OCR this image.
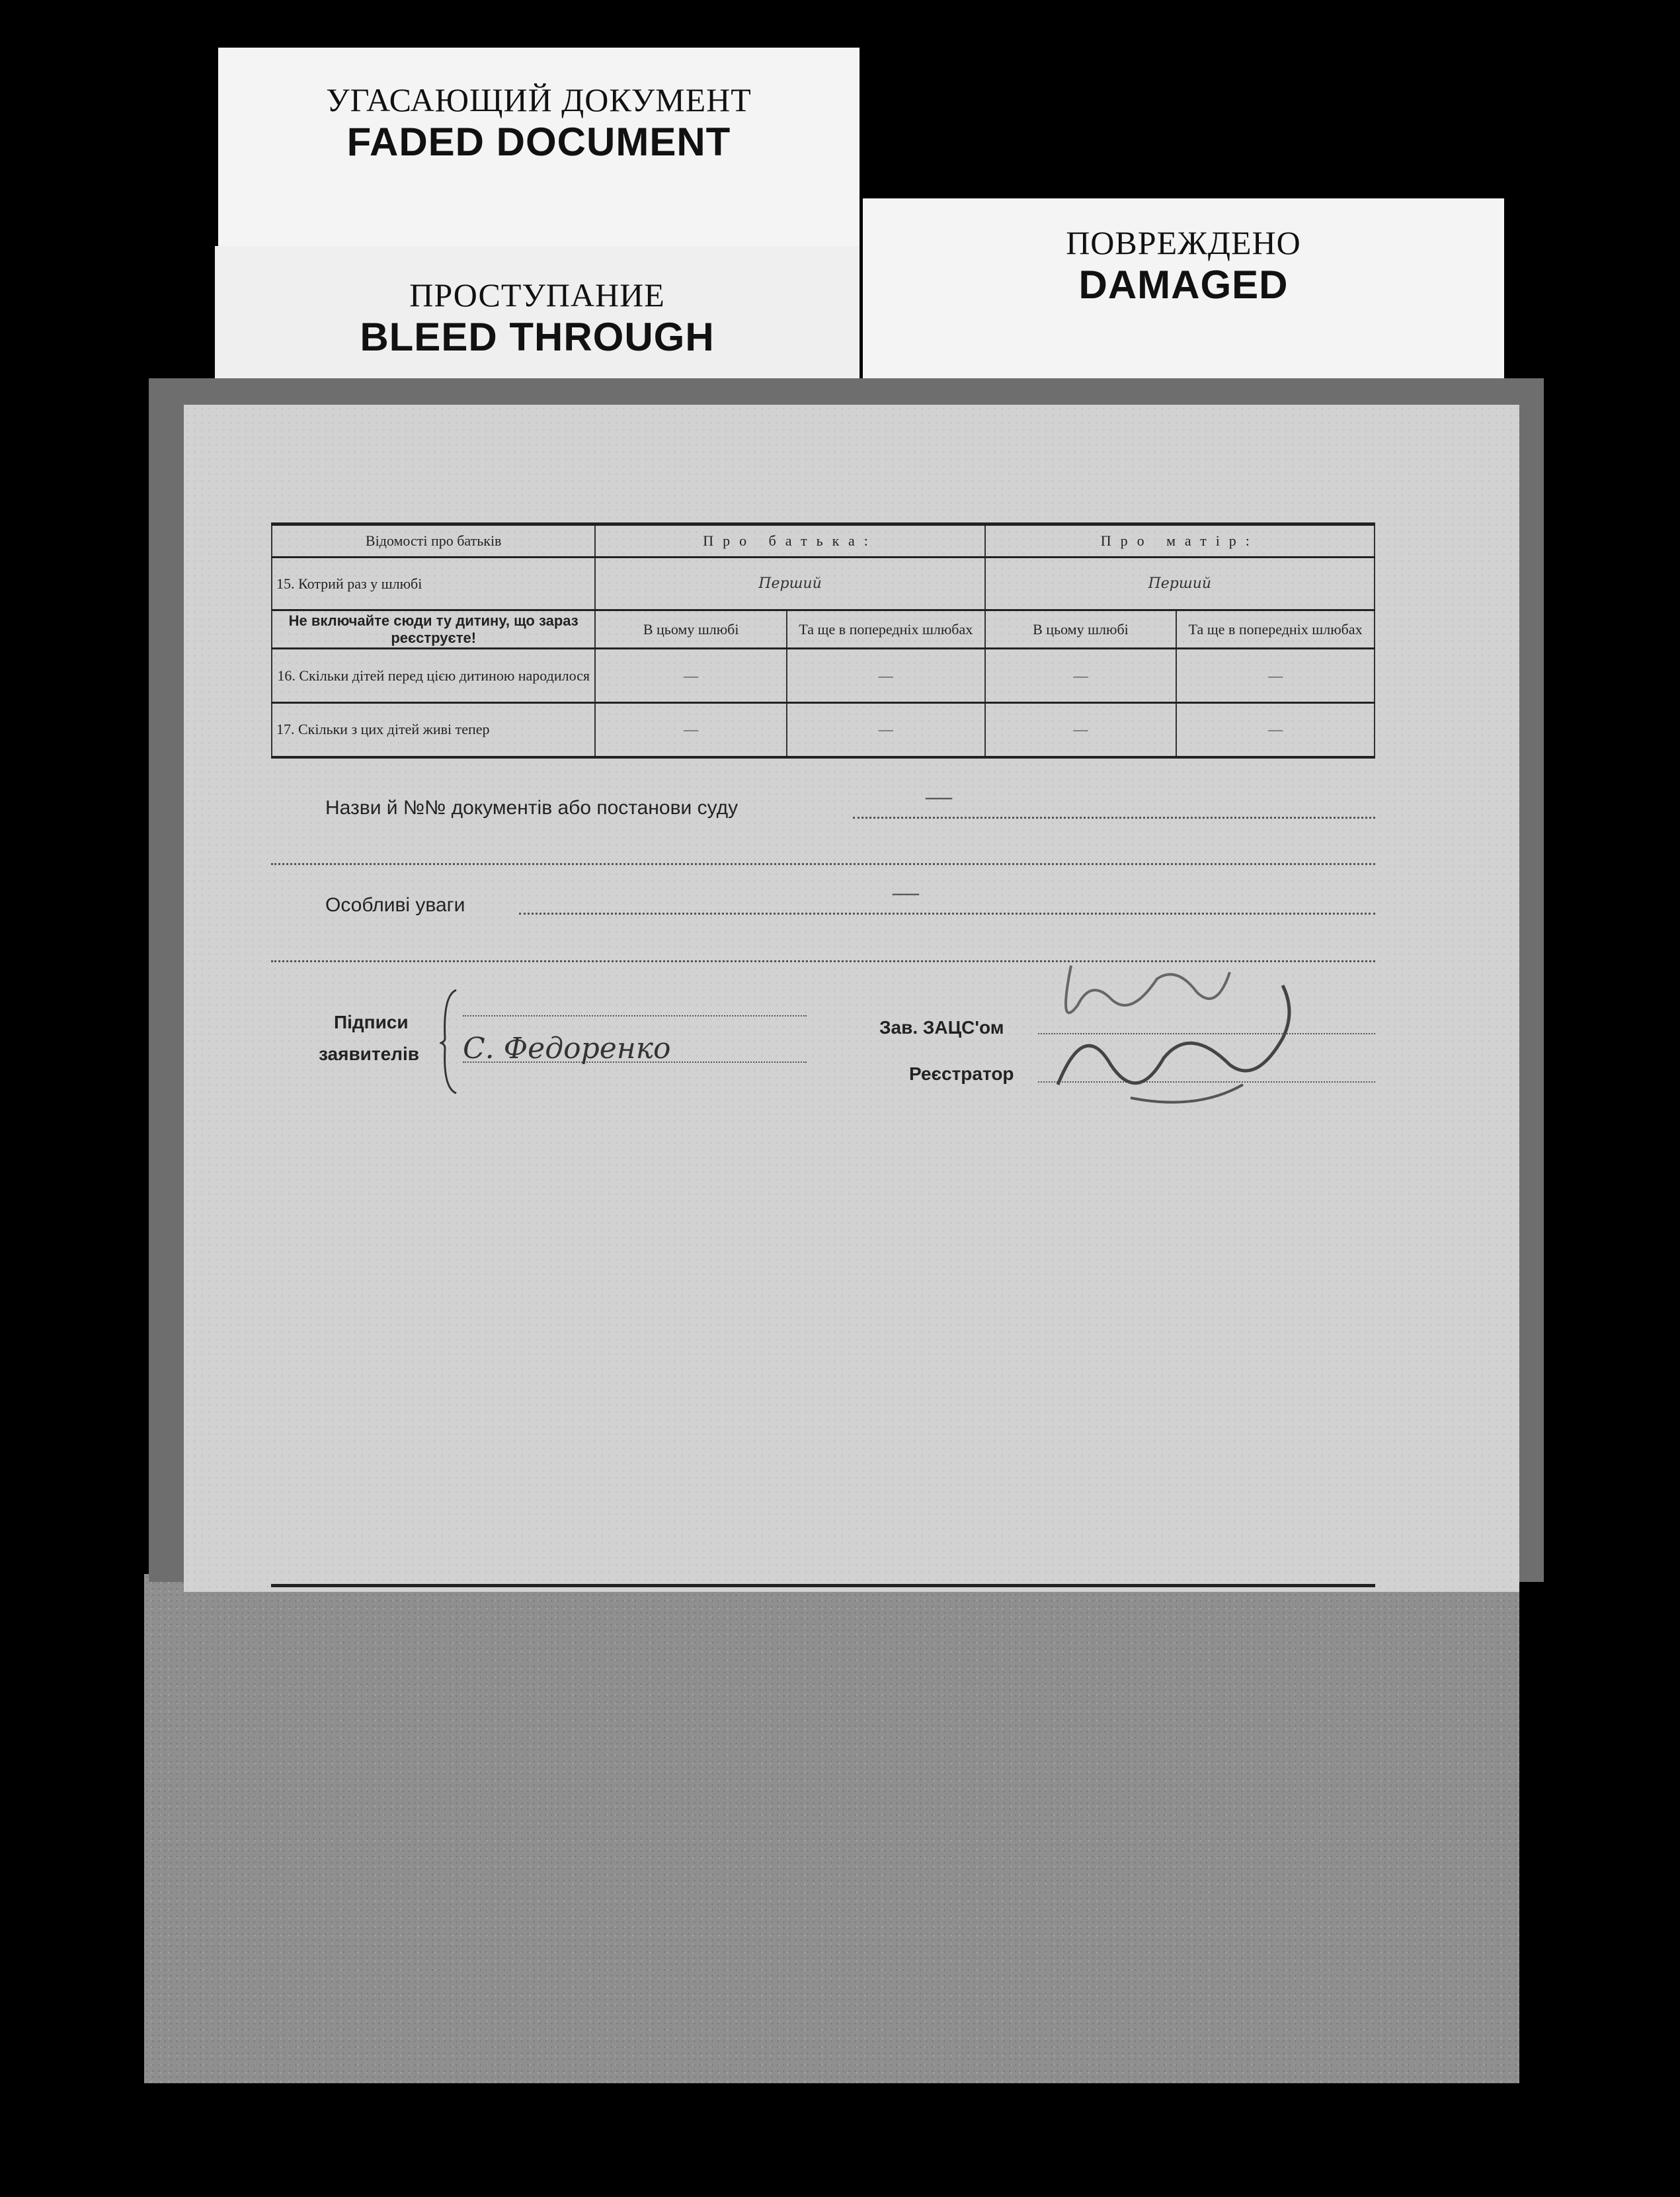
УГАСАЮЩИЙ ДОКУМЕНТ
FADED DOCUMENT
ПОВРЕЖДЕНО
DAMAGED
ПРОСТУПАНИЕ
BLEED THROUGH
Відомості про батьків	Про батька:		Про матір:	
15. Котрий раз у шлюбі	Перший		Перший	
Не включайте сюди ту дитину, що зараз реєструєте!	В цьому шлюбі	Та ще в попередніх шлюбах	В цьому шлюбі	Та ще в попередніх шлюбах
16. Скільки дітей перед цією дитиною народилося	—	—	—	—
17. Скільки з цих дітей живі тепер	—	—	—	—
Назви й №№ документів або постанови суду	—
Особливі уваги	—
Підписи
заявителів С. Федоренко
Зав. ЗАЦС'ом
Реєстратор
